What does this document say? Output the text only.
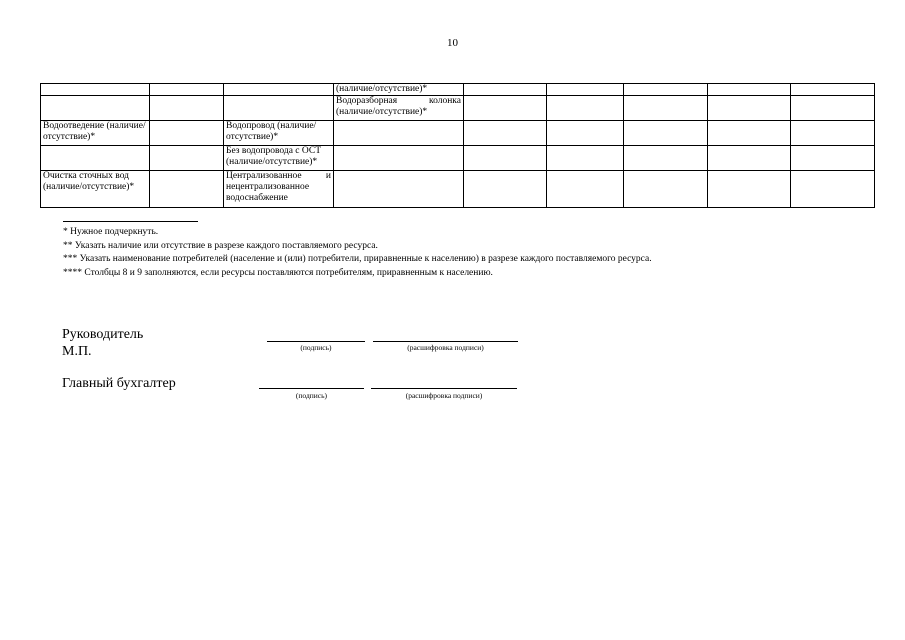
10
			(наличие/отсутствие)*					
			Водоразборная колонка (наличие/отсутствие)*					
Водоотведение (наличие/отсутствие)*		Водопровод (наличие/отсутствие)*						
		Без водопровода с ОСТ (наличие/отсутствие)*						
Очистка сточных вод (наличие/отсутствие)*		Централизованное и нецентрализованное водоснабжение						
* Нужное подчеркнуть.
** Указать наличие или отсутствие в разрезе каждого поставляемого ресурса.
*** Указать наименование потребителей (население и (или) потребители, приравненные к населению) в разрезе каждого поставляемого ресурса.
**** Столбцы 8 и 9 заполняются, если ресурсы поставляются потребителям, приравненным к населению.
Руководитель
М.П.	(подпись)	(расшифровка подписи)
Главный бухгалтер
(подпись)	(расшифровка подписи)
